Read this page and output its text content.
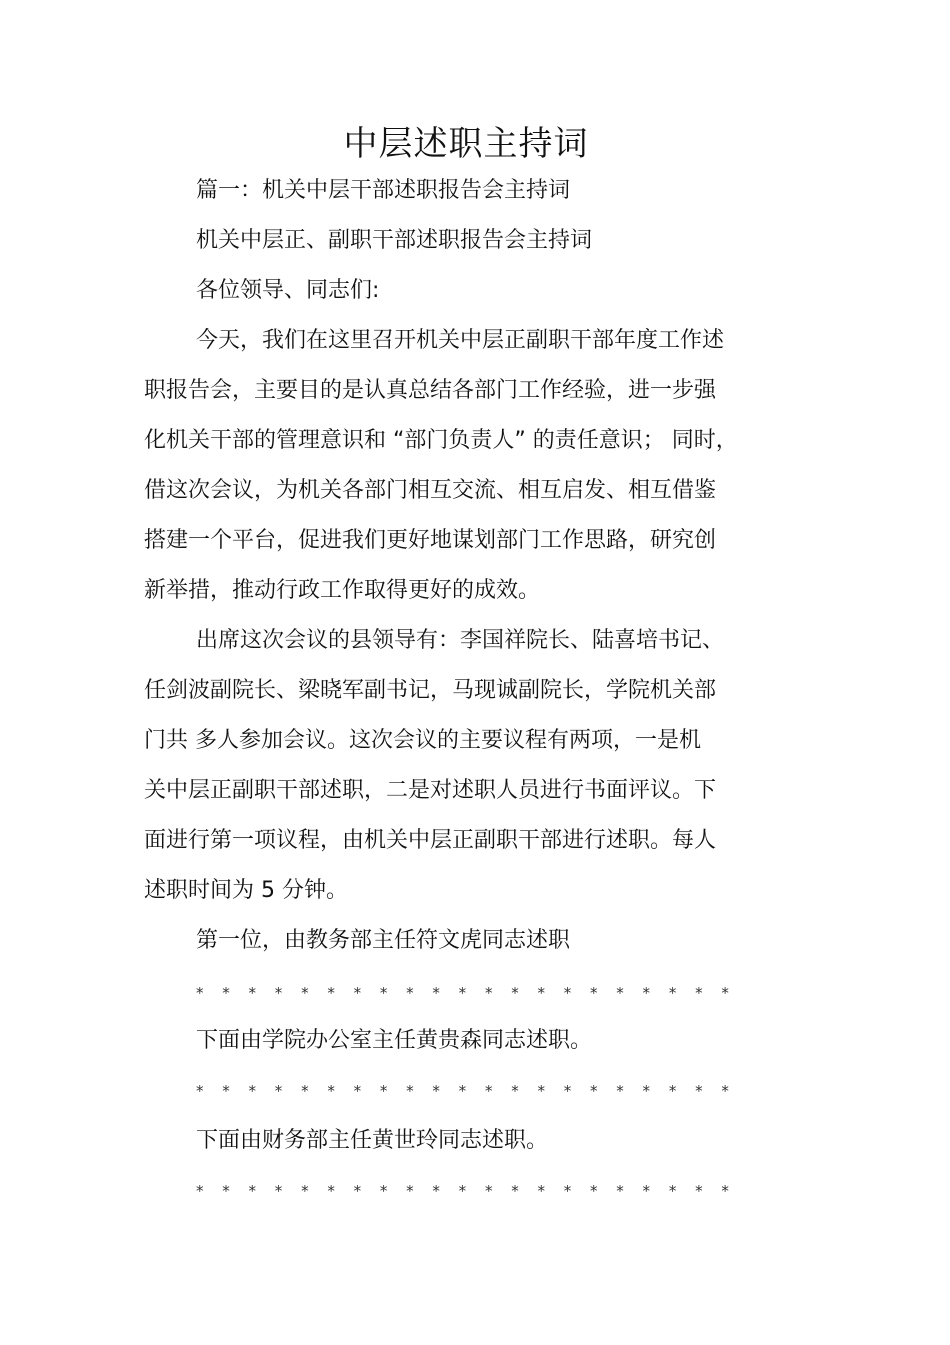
中层述职主持词
篇一：机关中层干部述职报告会主持词
机关中层正、副职干部述职报告会主持词
各位领导、同志们:
今天，我们在这里召开机关中层正副职干部年度工作述
职报告会，主要目的是认真总结各部门工作经验，进一步强
化机关干部的管理意识和 “部门负责人” 的责任意识； 同时，
借这次会议，为机关各部门相互交流、相互启发、相互借鉴
搭建一个平台，促进我们更好地谋划部门工作思路，研究创
新举措，推动行政工作取得更好的成效。
出席这次会议的县领导有：李国祥院长、陆喜培书记、
任剑波副院长、梁晓军副书记，马现诚副院长，学院机关部
门共 多人参加会议。这次会议的主要议程有两项，一是机
关中层正副职干部述职，二是对述职人员进行书面评议。下
面进行第一项议程，由机关中层正副职干部进行述职。每人
述职时间为 5 分钟。
第一位，由教务部主任符文虎同志述职
* * * * * * * * * * * * * * * * * * * * *
下面由学院办公室主任黄贵森同志述职。
* * * * * * * * * * * * * * * * * * * * *
下面由财务部主任黄世玲同志述职。
* * * * * * * * * * * * * * * * * * * * *
